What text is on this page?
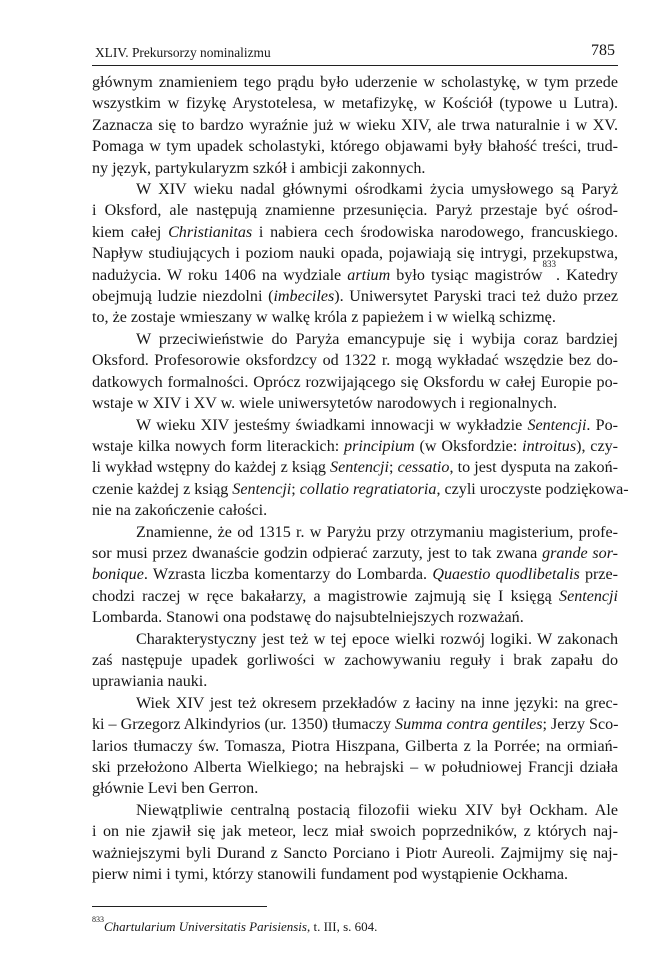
XLIV. Prekursorzy nominalizmu	785
głównym znamieniem tego prądu było uderzenie w scholastykę, w tym przede
wszystkim w fizykę Arystotelesa, w metafizykę, w Kościół (typowe u Lutra).
Zaznacza się to bardzo wyraźnie już w wieku XIV, ale trwa naturalnie i w XV.
Pomaga w tym upadek scholastyki, którego objawami były błahość treści, trud-
ny język, partykularyzm szkół i ambicji zakonnych.
W XIV wieku nadal głównymi ośrodkami życia umysłowego są Paryż
i Oksford, ale następują znamienne przesunięcia. Paryż przestaje być ośrod-
kiem całej Christianitas i nabiera cech środowiska narodowego, francuskiego.
Napływ studiujących i poziom nauki opada, pojawiają się intrygi, przekupstwa,
nadużycia. W roku 1406 na wydziale artium było tysiąc magistrów$^{833}$. Katedry
obejmują ludzie niezdolni (imbeciles). Uniwersytet Paryski traci też dużo przez
to, że zostaje wmieszany w walkę króla z papieżem i w wielką schizmę.
W przeciwieństwie do Paryża emancypuje się i wybija coraz bardziej
Oksford. Profesorowie oksfordzcy od 1322 r. mogą wykładać wszędzie bez do-
datkowych formalności. Oprócz rozwijającego się Oksfordu w całej Europie po-
wstaje w XIV i XV w. wiele uniwersytetów narodowych i regionalnych.
W wieku XIV jesteśmy świadkami innowacji w wykładzie Sentencji. Po-
wstaje kilka nowych form literackich: principium (w Oksfordzie: introitus), czy-
li wykład wstępny do każdej z ksiąg Sentencji; cessatio, to jest dysputa na zakoń-
czenie każdej z ksiąg Sentencji; collatio regratiatoria, czyli uroczyste podziękowa-
nie na zakończenie całości.
Znamienne, że od 1315 r. w Paryżu przy otrzymaniu magisterium, profe-
sor musi przez dwanaście godzin odpierać zarzuty, jest to tak zwana grande sor-
bonique. Wzrasta liczba komentarzy do Lombarda. Quaestio quodlibetalis prze-
chodzi raczej w ręce bakałarzy, a magistrowie zajmują się I księgą Sentencji
Lombarda. Stanowi ona podstawę do najsubtelniejszych rozważań.
Charakterystyczny jest też w tej epoce wielki rozwój logiki. W zakonach
zaś następuje upadek gorliwości w zachowywaniu reguły i brak zapału do
uprawiania nauki.
Wiek XIV jest też okresem przekładów z łaciny na inne języki: na grec-
ki – Grzegorz Alkindyrios (ur. 1350) tłumaczy Summa contra gentiles; Jerzy Sco-
larios tłumaczy św. Tomasza, Piotra Hiszpana, Gilberta z la Porrée; na ormiań-
ski przełożono Alberta Wielkiego; na hebrajski – w południowej Francji działa
głównie Levi ben Gerron.
Niewątpliwie centralną postacią filozofii wieku XIV był Ockham. Ale
i on nie zjawił się jak meteor, lecz miał swoich poprzedników, z których naj-
ważniejszymi byli Durand z Sancto Porciano i Piotr Aureoli. Zajmijmy się naj-
pierw nimi i tymi, którzy stanowili fundament pod wystąpienie Ockhama.
$^{833}$Chartularium Universitatis Parisiensis, t. III, s. 604.
